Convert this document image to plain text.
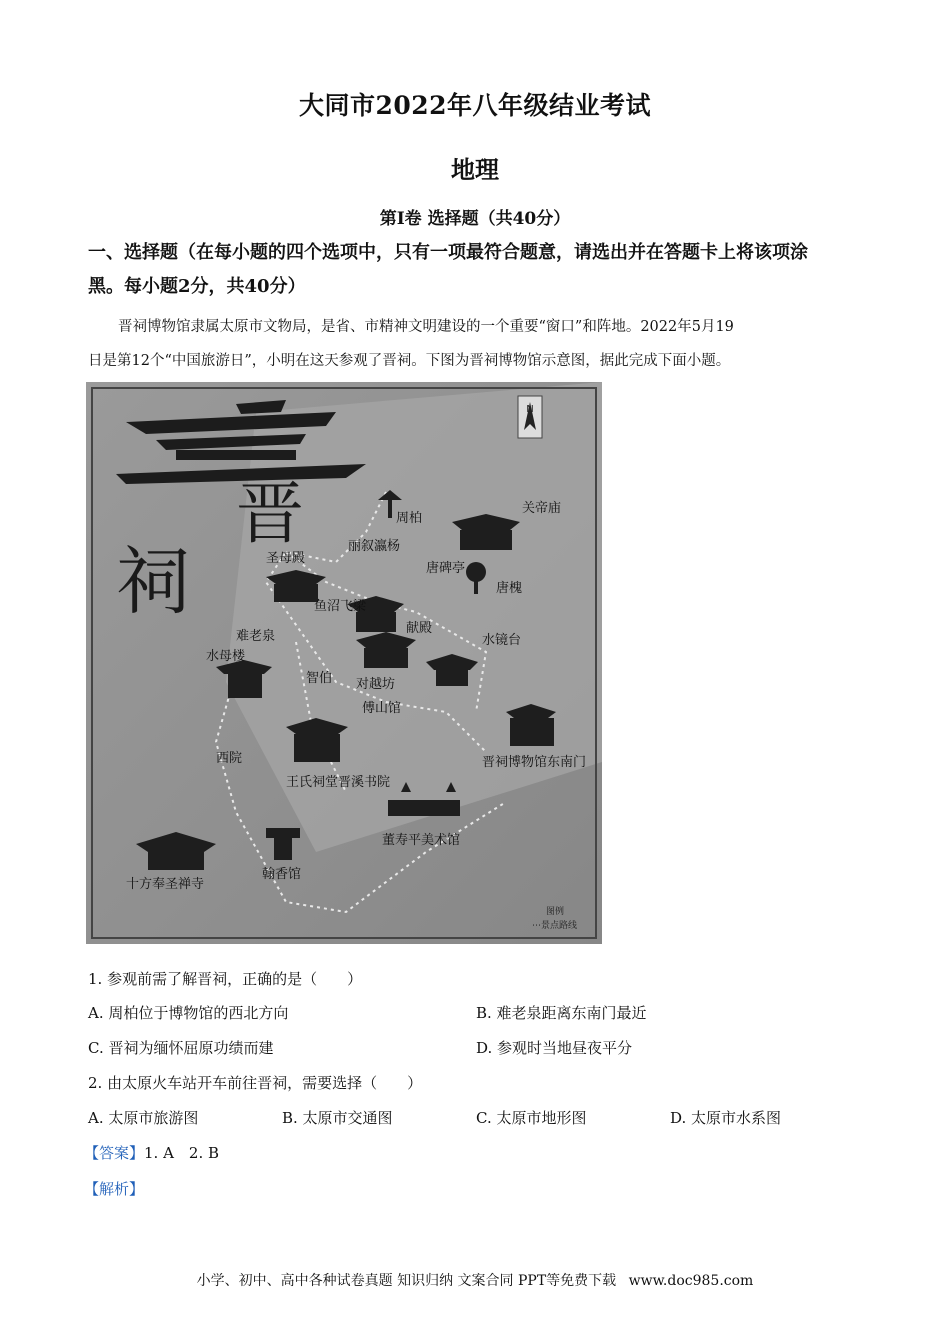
大同市2022年八年级结业考试
地理
第Ⅰ卷 选择题（共40分）
一、选择题（在每小题的四个选项中，只有一项最符合题意，请选出并在答题卡上将该项涂
黑。每小题2分，共40分）
晋祠博物馆隶属太原市文物局，是省、市精神文明建设的一个重要“窗口”和阵地。2022年5月19
日是第12个“中国旅游日”，小明在这天参观了晋祠。下图为晋祠博物馆示意图，据此完成下面小题。
N
晋
祠
周柏
关帝庙
丽叙瀛杨
唐碑亭
唐槐
圣母殿
鱼沼飞梁
献殿
难老泉	水镜台
水母楼
智伯 对越坊
傅山馆
晋祠博物馆东南门
西院
王氏祠堂晋溪书院
董寿平美术馆
十方奉圣禅寺
翰香馆
图例
⋯景点路线
1. 参观前需了解晋祠，正确的是（　　）
A. 周柏位于博物馆的西北方向	B. 难老泉距离东南门最近
C. 晋祠为缅怀屈原功绩而建	D. 参观时当地昼夜平分
2. 由太原火车站开车前往晋祠，需要选择（　　）
A. 太原市旅游图	B. 太原市交通图	C. 太原市地形图	D. 太原市水系图
【答案】1. A　2. B
【解析】
小学、初中、高中各种试卷真题 知识归纳 文案合同 PPT等免费下载 www.doc985.com
